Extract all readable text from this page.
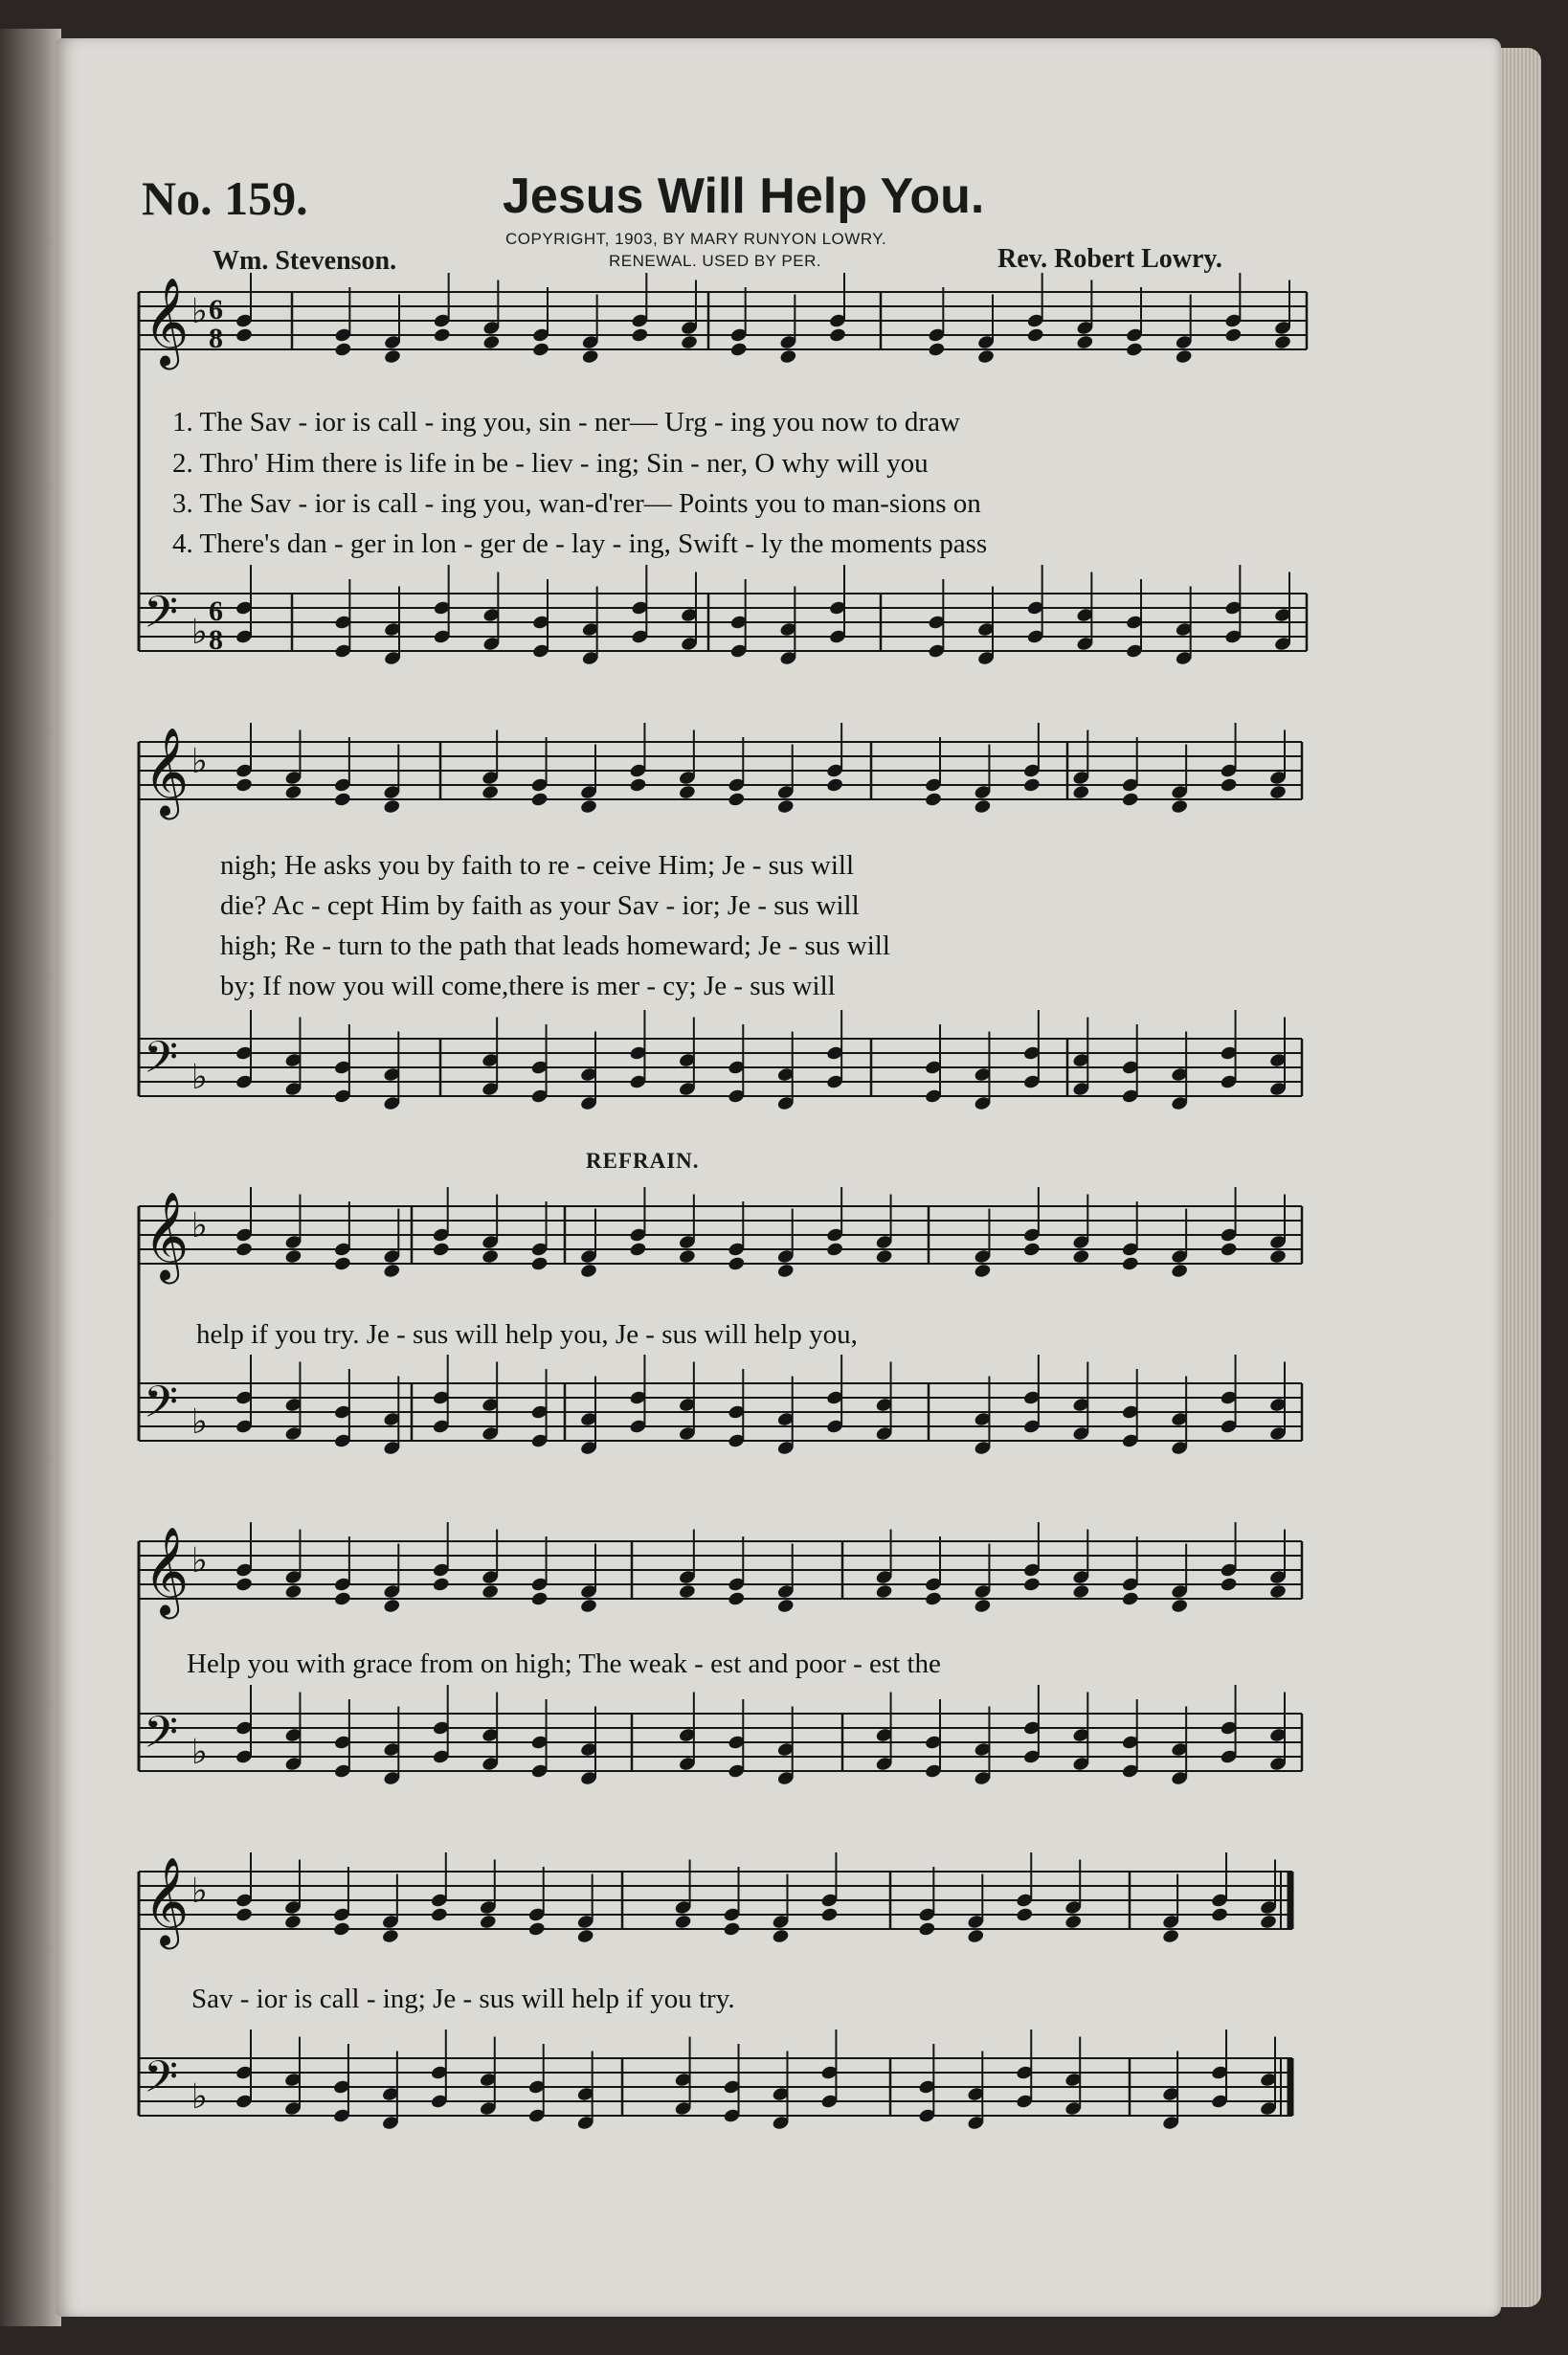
No. 159.	Jesus Will Help You.
COPYRIGHT, 1903, BY MARY RUNYON LOWRY.
RENEWAL. USED BY PER.
Wm. Stevenson.	Rev. Robert Lowry.
REFRAIN.
𝄞 ♭
𝄢 ♭
𝄞 ♭
𝄢 ♭
𝄞 ♭
𝄢 ♭
𝄞 ♭
𝄢 ♭
𝄞 ♭
𝄢 ♭
6
8
6
8
1. The Sav - ior is call - ing you, sin - ner— Urg - ing you now to draw
2. Thro' Him there is life in be - liev - ing; Sin - ner, O why will you
3. The Sav - ior is call - ing you, wan-d'rer— Points you to man-sions on
4. There's dan - ger in lon - ger de - lay - ing, Swift - ly the moments pass
nigh; He asks you by faith to re - ceive Him; Je - sus will
die? Ac - cept Him by faith as your Sav - ior; Je - sus will
high; Re - turn to the path that leads homeward; Je - sus will
by; If now you will come,there is mer - cy; Je - sus will
help if you try. Je - sus will help you, Je - sus will help you,
Help you with grace from on high; The weak - est and poor - est the
Sav - ior is call - ing; Je - sus will help if you try.
